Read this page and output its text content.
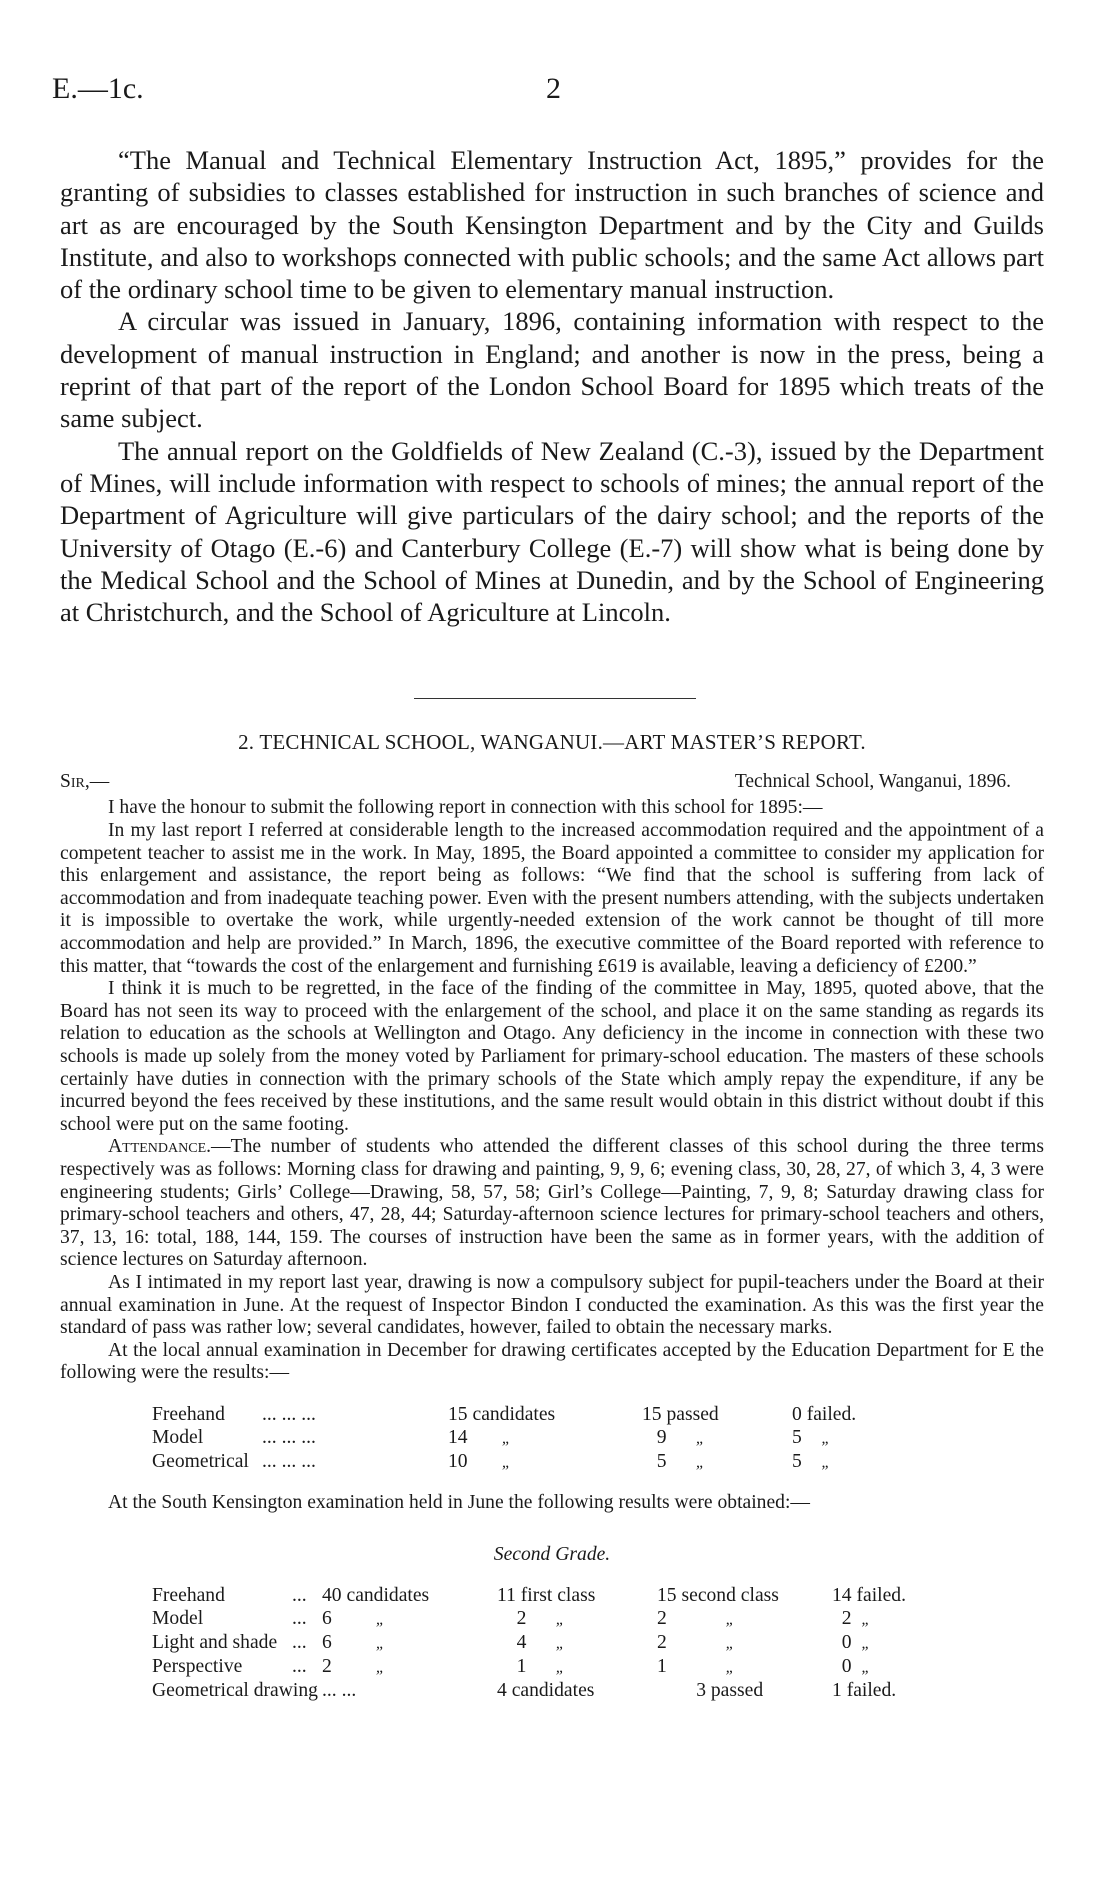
E.—1c.	2

“The Manual and Technical Elementary Instruction Act, 1895,” provides for the granting of subsidies to classes established for instruction in such branches of science and art as are encouraged by the South Kensington Department and by the City and Guilds Institute, and also to workshops connected with public schools; and the same Act allows part of the ordinary school time to be given to elementary manual instruction.

A circular was issued in January, 1896, containing information with respect to the development of manual instruction in England; and another is now in the press, being a reprint of that part of the report of the London School Board for 1895 which treats of the same subject.

The annual report on the Goldfields of New Zealand (C.-3), issued by the Department of Mines, will include information with respect to schools of mines; the annual report of the Department of Agriculture will give particulars of the dairy school; and the reports of the University of Otago (E.-6) and Canterbury College (E.-7) will show what is being done by the Medical School and the School of Mines at Dunedin, and by the School of Engineering at Christchurch, and the School of Agriculture at Lincoln.

2. TECHNICAL SCHOOL, WANGANUI.—ART MASTER’S REPORT.
Sir,—	Technical School, Wanganui, 1896.

I have the honour to submit the following report in connection with this school for 1895:—

In my last report I referred at considerable length to the increased accommodation required and the appointment of a competent teacher to assist me in the work. In May, 1895, the Board appointed a committee to consider my application for this enlargement and assistance, the report being as follows: “We find that the school is suffering from lack of accommodation and from inadequate teaching power. Even with the present numbers attending, with the subjects undertaken it is impossible to overtake the work, while urgently-needed extension of the work cannot be thought of till more accommodation and help are provided.” In March, 1896, the executive committee of the Board reported with reference to this matter, that “towards the cost of the enlargement and furnishing £619 is available, leaving a deficiency of £200.”

I think it is much to be regretted, in the face of the finding of the committee in May, 1895, quoted above, that the Board has not seen its way to proceed with the enlargement of the school, and place it on the same standing as regards its relation to education as the schools at Wellington and Otago. Any deficiency in the income in connection with these two schools is made up solely from the money voted by Parliament for primary-school education. The masters of these schools certainly have duties in connection with the primary schools of the State which amply repay the expenditure, if any be incurred beyond the fees received by these institutions, and the same result would obtain in this district without doubt if this school were put on the same footing.

Attendance.—The number of students who attended the different classes of this school during the three terms respectively was as follows: Morning class for drawing and painting, 9, 9, 6; evening class, 30, 28, 27, of which 3, 4, 3 were engineering students; Girls’ College—Drawing, 58, 57, 58; Girl’s College—Painting, 7, 9, 8; Saturday drawing class for primary-school teachers and others, 47, 28, 44; Saturday-afternoon science lectures for primary-school teachers and others, 37, 13, 16: total, 188, 144, 159. The courses of instruction have been the same as in former years, with the addition of science lectures on Saturday afternoon.

As I intimated in my report last year, drawing is now a compulsory subject for pupil-teachers under the Board at their annual examination in June. At the request of Inspector Bindon I conducted the examination. As this was the first year the standard of pass was rather low; several candidates, however, failed to obtain the necessary marks.

At the local annual examination in December for drawing certificates accepted by the Education Department for E the following were the results:—

Freehand	... ... ...	15 candidates	15 passed	0 failed.
Model	... ... ...	14 „	9 „	5 „
Geometrical	... ... ...	10 „	5 „	5 „
At the South Kensington examination held in June the following results were obtained:—
Second Grade.
Freehand	...	40 candidates	11 first class	15 second class	14 failed.
Model	...	6 „	2 „	2 „	2 „
Light and shade	...	6 „	4 „	2 „	0 „
Perspective	...	2 „	1 „	1 „	0 „
Geometrical drawing		... ...	4 candidates	3 passed	1 failed.
